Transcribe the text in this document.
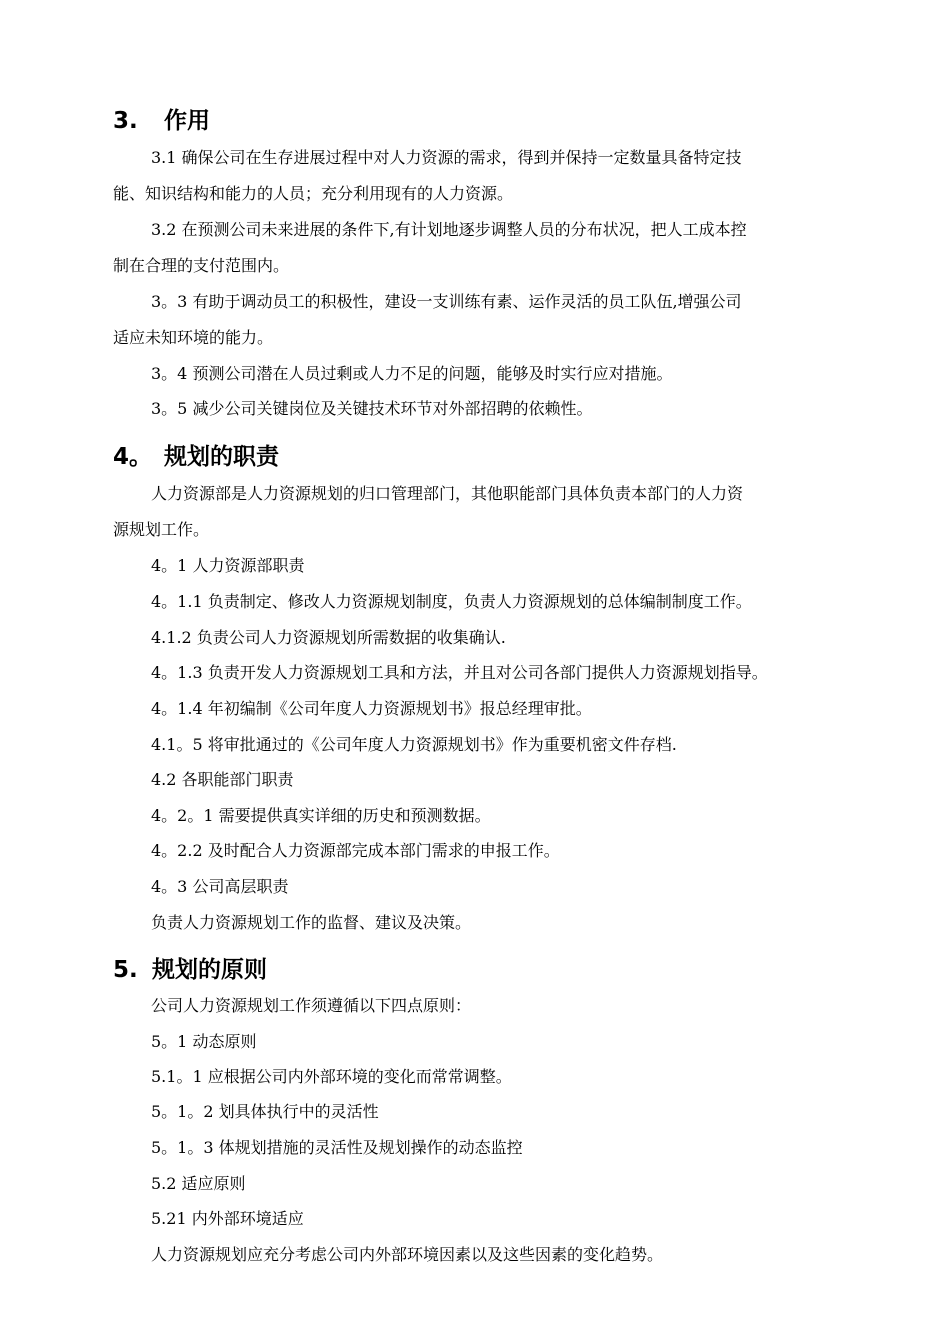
3. 作用
3.1 确保公司在生存进展过程中对人力资源的需求，得到并保持一定数量具备特定技
能、知识结构和能力的人员；充分利用现有的人力资源。
3.2 在预测公司未来进展的条件下,有计划地逐步调整人员的分布状况，把人工成本控
制在合理的支付范围内。
3。3 有助于调动员工的积极性，建设一支训练有素、运作灵活的员工队伍,增强公司
适应未知环境的能力。
3。4 预测公司潜在人员过剩或人力不足的问题，能够及时实行应对措施。
3。5 减少公司关键岗位及关键技术环节对外部招聘的依赖性。
4。 规划的职责
人力资源部是人力资源规划的归口管理部门，其他职能部门具体负责本部门的人力资
源规划工作。
4。1 人力资源部职责
4。1.1 负责制定、修改人力资源规划制度，负责人力资源规划的总体编制制度工作。
4.1.2 负责公司人力资源规划所需数据的收集确认.
4。1.3 负责开发人力资源规划工具和方法，并且对公司各部门提供人力资源规划指导。
4。1.4 年初编制《公司年度人力资源规划书》报总经理审批。
4.1。5 将审批通过的《公司年度人力资源规划书》作为重要机密文件存档.
4.2 各职能部门职责
4。2。1 需要提供真实详细的历史和预测数据。
4。2.2 及时配合人力资源部完成本部门需求的申报工作。
4。3 公司高层职责
负责人力资源规划工作的监督、建议及决策。
5. 规划的原则
公司人力资源规划工作须遵循以下四点原则：
5。1 动态原则
5.1。1 应根据公司内外部环境的变化而常常调整。
5。1。2 划具体执行中的灵活性
5。1。3 体规划措施的灵活性及规划操作的动态监控
5.2 适应原则
5.21 内外部环境适应
人力资源规划应充分考虑公司内外部环境因素以及这些因素的变化趋势。
